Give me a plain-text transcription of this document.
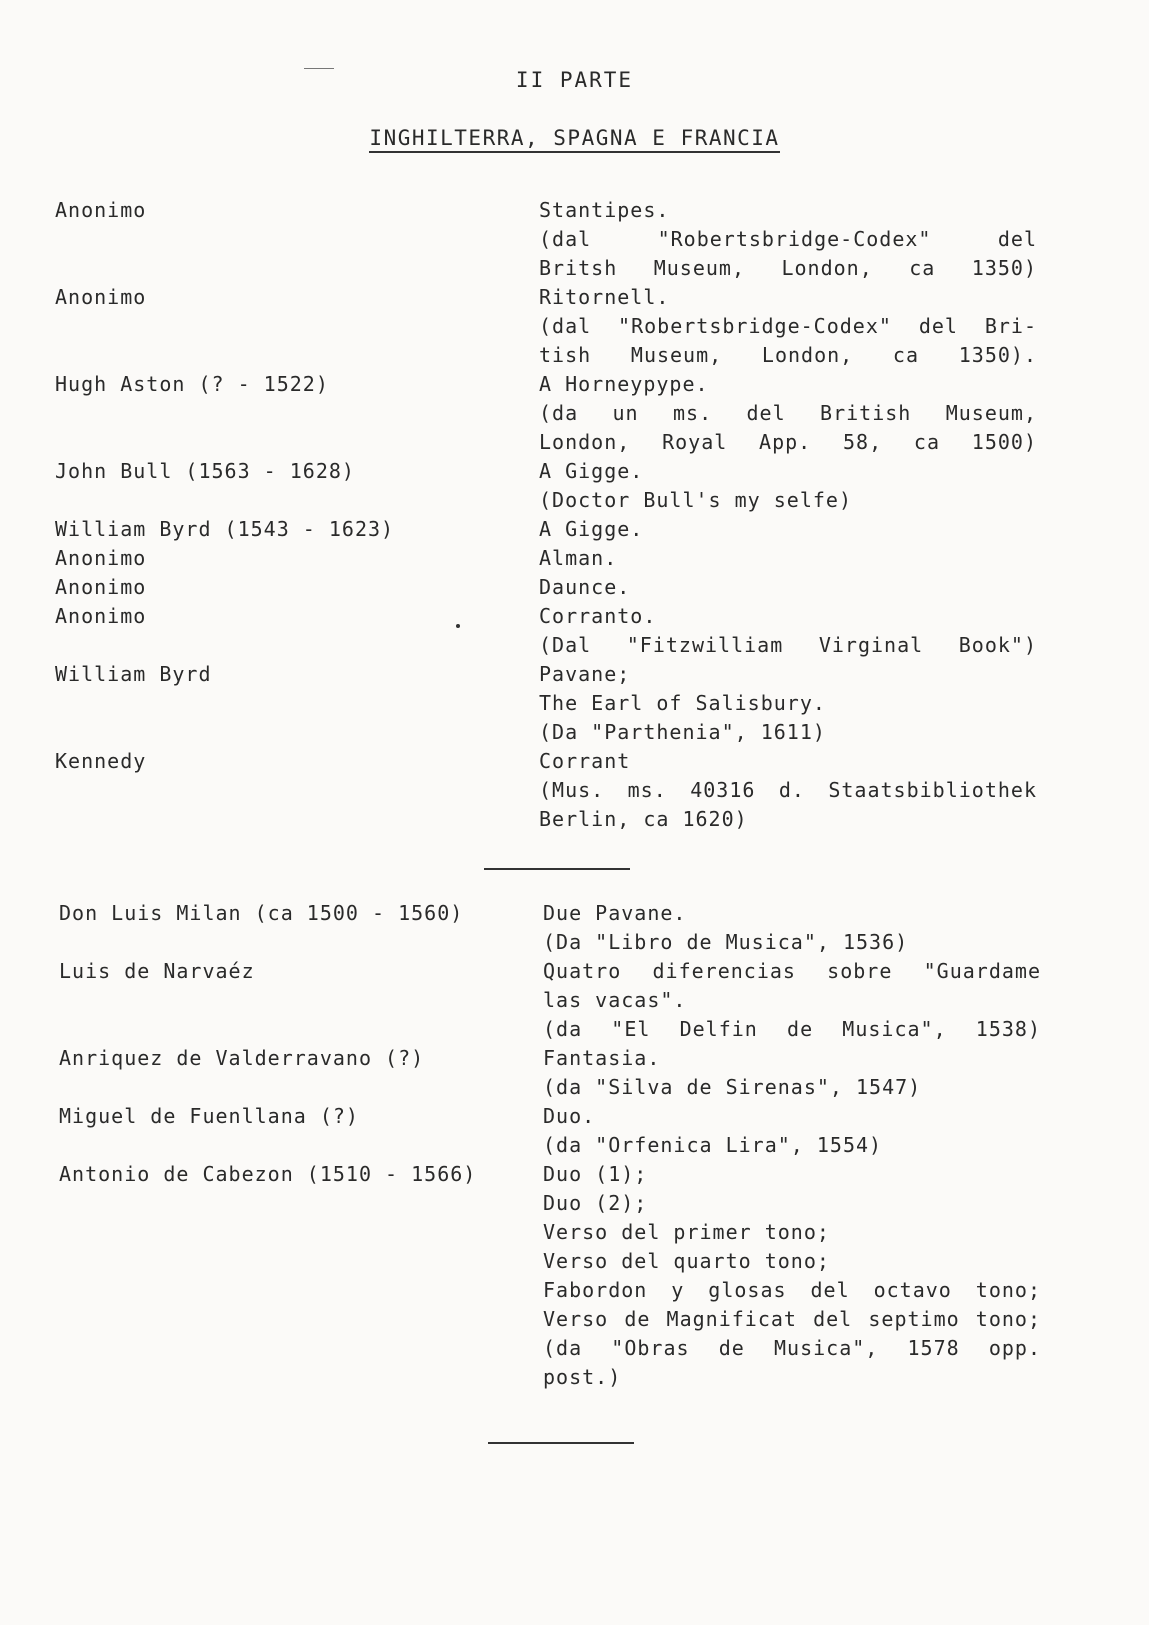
II PARTE
INGHILTERRA, SPAGNA E FRANCIA
Anonimo	Stantipes.
(dal "Robertsbridge-Codex" del
Britsh Museum, London, ca 1350)
Anonimo	Ritornell.
(dal "Robertsbridge-Codex" del Bri-
tish Museum, London, ca 1350).
Hugh Aston (? - 1522)	A Horneypype.
(da un ms. del British Museum,
London, Royal App. 58, ca 1500)
John Bull (1563 - 1628)	A Gigge.
(Doctor Bull's my selfe)
William Byrd (1543 - 1623)	A Gigge.
Anonimo	Alman.
Anonimo	Daunce.
Anonimo	Corranto.
(Dal "Fitzwilliam Virginal Book")
William Byrd	Pavane;
The Earl of Salisbury.
(Da "Parthenia", 1611)
Kennedy	Corrant
(Mus. ms. 40316 d. Staatsbibliothek
Berlin, ca 1620)
Don Luis Milan (ca 1500 - 1560)	Due Pavane.
(Da "Libro de Musica", 1536)
Luis de Narvaéz	Quatro diferencias sobre "Guardame
las vacas".
(da "El Delfin de Musica", 1538)
Anriquez de Valderravano (?)	Fantasia.
(da "Silva de Sirenas", 1547)
Miguel de Fuenllana (?)	Duo.
(da "Orfenica Lira", 1554)
Antonio de Cabezon (1510 - 1566)	Duo (1);
Duo (2);
Verso del primer tono;
Verso del quarto tono;
Fabordon y glosas del octavo tono;
Verso de Magnificat del septimo tono;
(da "Obras de Musica", 1578 opp.
post.)
